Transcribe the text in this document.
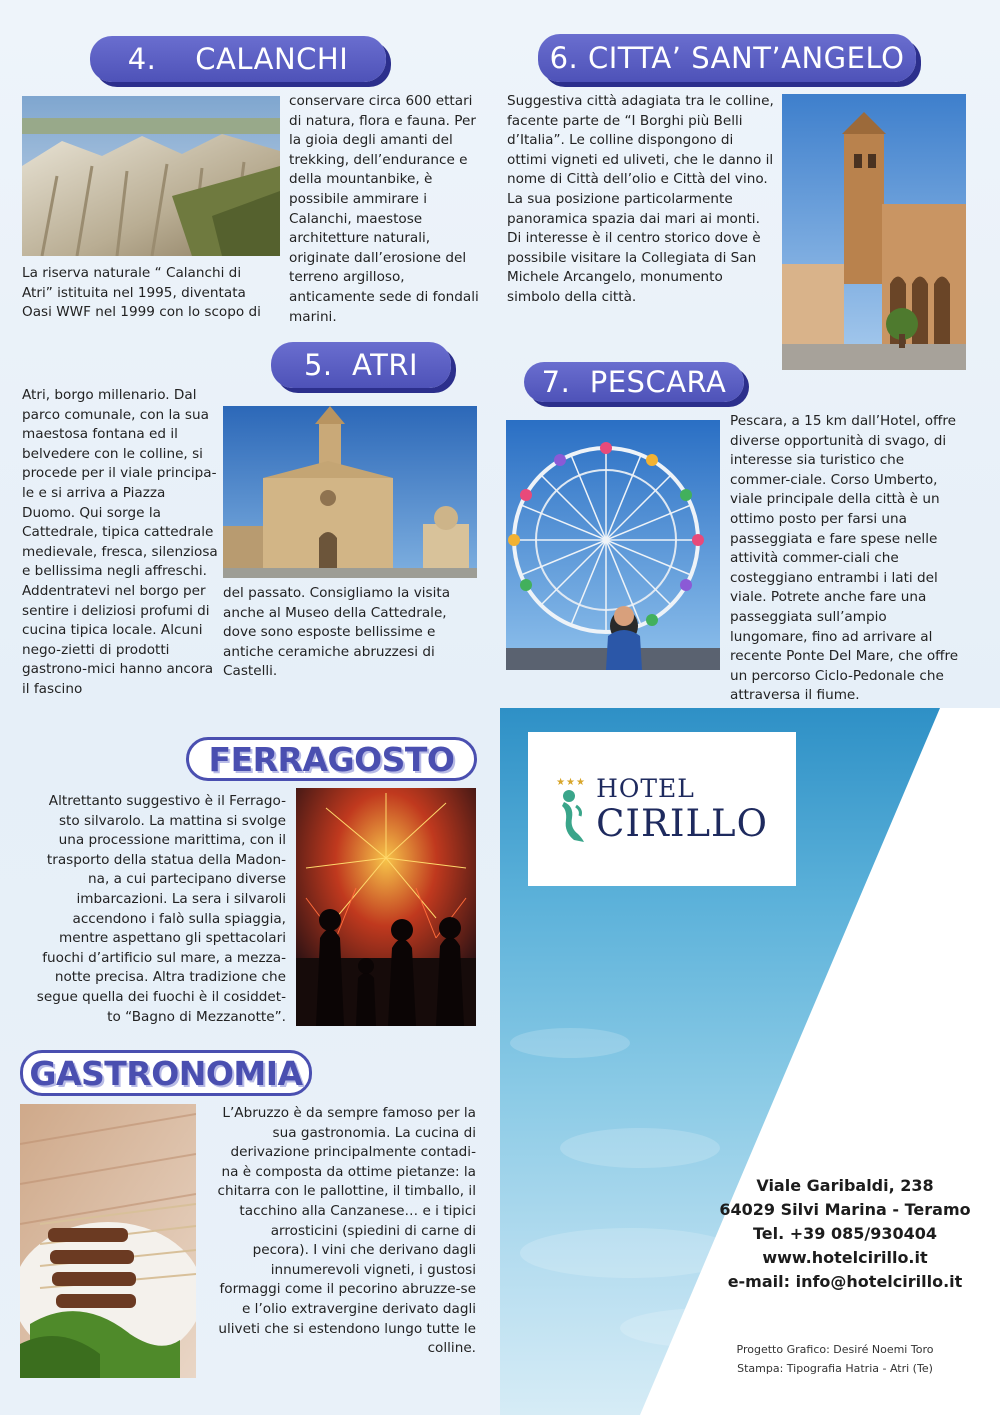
4.    CALANCHI
La riserva naturale “ Calanchi di Atri” istituita nel 1995, diventata Oasi WWF nel 1999 con lo scopo di
conservare circa 600 ettari di natura, flora e fauna. Per la gioia degli amanti del trekking, dell’endurance e della mountanbike, è possibile ammirare i Calanchi, maestose architetture naturali, originate dall’erosione del terreno argilloso, anticamente sede di fondali marini.
5.  ATRI
Atri, borgo millenario. Dal parco comunale, con la sua maestosa fontana ed il belvedere con le colline, si procede per il viale principa-le e si arriva a Piazza Duomo. Qui sorge la Cattedrale, tipica cattedrale medievale, fresca, silenziosa e bellissima negli affreschi. Addentratevi nel borgo per sentire i deliziosi profumi di cucina tipica locale. Alcuni nego-zietti di prodotti gastrono-mici hanno ancora il fascino
del passato. Consigliamo la visita anche al Museo della Cattedrale, dove sono esposte bellissime e antiche ceramiche abruzzesi di Castelli.
6. CITTA’ SANT’ANGELO
Suggestiva città adagiata tra le colline, facente parte de “I Borghi più Belli d’Italia”. Le colline dispongono di ottimi vigneti ed uliveti, che le danno il nome di Città dell’olio e Città del vino. La sua posizione particolarmente panoramica spazia dai mari ai monti. Di interesse è il centro storico dove è possibile visitare la Collegiata di San Michele Arcangelo, monumento simbolo della città.
7.  PESCARA
Pescara, a 15 km dall’Hotel, offre diverse opportunità di svago, di interesse sia turistico che commer-ciale. Corso Umberto, viale principale della città è un ottimo posto per farsi una passeggiata e fare spese nelle attività commer-ciali che costeggiano entrambi i lati del viale. Potrete anche fare una passeggiata sull’ampio lungomare, fino ad arrivare al recente Ponte Del Mare, che offre un percorso Ciclo-Pedonale che attraversa il fiume.
FERRAGOSTO
Altrettanto suggestivo è il Ferrago-sto silvarolo. La mattina si svolge una processione marittima, con il trasporto della statua della Madon-na, a cui partecipano diverse imbarcazioni. La sera i silvaroli accendono i falò sulla spiaggia, mentre aspettano gli spettacolari fuochi d’artificio sul mare, a mezza-notte precisa. Altra tradizione che segue quella dei fuochi è il cosiddet-to “Bagno di Mezzanotte”.
GASTRONOMIA
L’Abruzzo è da sempre famoso per la sua gastronomia. La cucina di derivazione principalmente contadi-na è composta da ottime pietanze: la chitarra con le pallottine, il timballo, il tacchino alla Canzanese… e i tipici arrosticini (spiedini di carne di pecora). I vini che derivano dagli innumerevoli vigneti, i gustosi formaggi come il pecorino abruzze-se e l’olio extravergine derivato dagli uliveti che si estendono lungo tutte le colline.
★★★ HOTEL
CIRILLO
Viale Garibaldi, 238
64029 Silvi Marina - Teramo
Tel. +39 085/930404
www.hotelcirillo.it
e-mail: info@hotelcirillo.it
Progetto Grafico: Desiré Noemi Toro
Stampa: Tipografia Hatria - Atri (Te)
